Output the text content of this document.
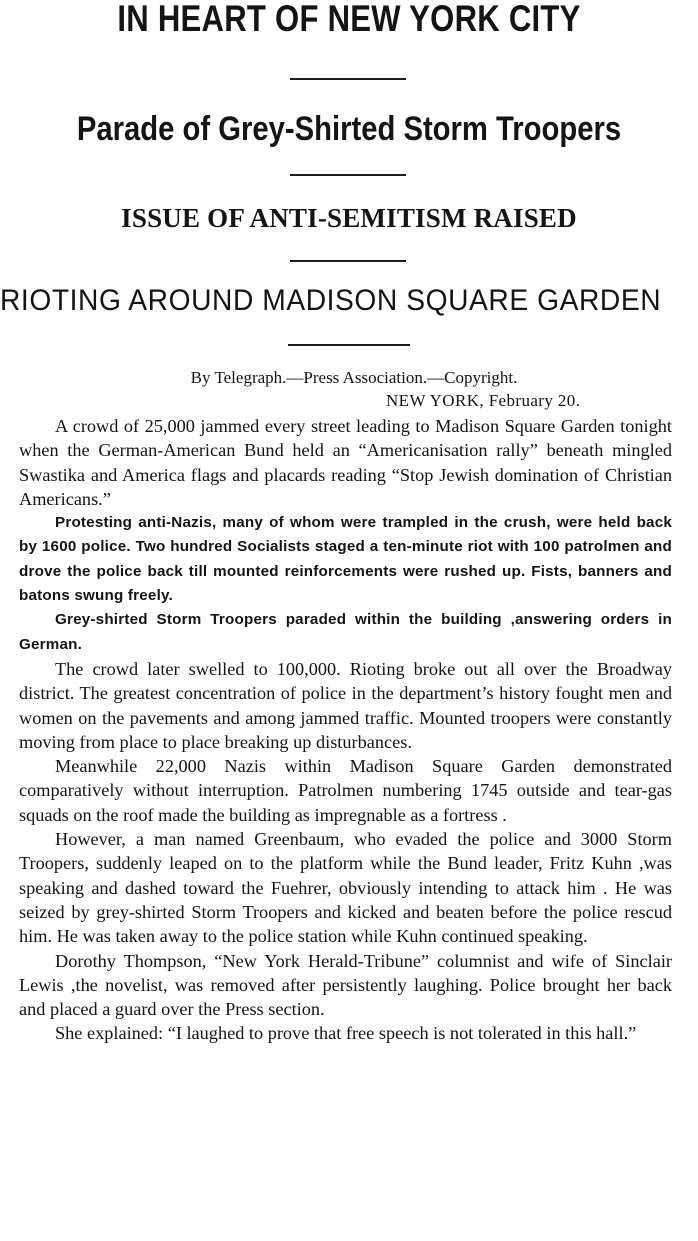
IN HEART OF NEW YORK CITY
Parade of Grey-Shirted Storm Troopers
ISSUE OF ANTI-SEMITISM RAISED
RIOTING AROUND MADISON SQUARE GARDEN
By Telegraph.—Press Association.—Copyright.
NEW YORK, February 20.

A crowd of 25,000 jammed every street leading to Madison Square Garden tonight when the German-American Bund held an “Americanisation rally” beneath mingled Swastika and America flags and placards reading “Stop Jewish domination of Christian Americans.”

Protesting anti-Nazis, many of whom were trampled in the crush, were held back by 1600 police. Two hundred Socialists staged a ten-minute riot with 100 patrolmen and drove the police back till mounted reinforcements were rushed up. Fists, banners and batons swung freely.

Grey-shirted Storm Troopers paraded within the building ,answering orders in German.

The crowd later swelled to 100,000. Rioting broke out all over the Broadway district. The greatest concentration of police in the department’s history fought men and women on the pavements and among jammed traffic. Mounted troopers were constantly moving from place to place breaking up disturbances.

Meanwhile 22,000 Nazis within Madison Square Garden demonstrated comparatively without interruption. Patrolmen numbering 1745 outside and tear-gas squads on the roof made the building as impregnable as a fortress .

However, a man named Greenbaum, who evaded the police and 3000 Storm Troopers, suddenly leaped on to the platform while the Bund leader, Fritz Kuhn ,was speaking and dashed toward the Fuehrer, obviously intending to attack him . He was seized by grey-shirted Storm Troopers and kicked and beaten before the police rescud him. He was taken away to the police station while Kuhn continued speaking.

Dorothy Thompson, “New York Herald-Tribune” columnist and wife of Sinclair Lewis ,the novelist, was removed after persistently laughing. Police brought her back and placed a guard over the Press section.

She explained: “I laughed to prove that free speech is not tolerated in this hall.”
